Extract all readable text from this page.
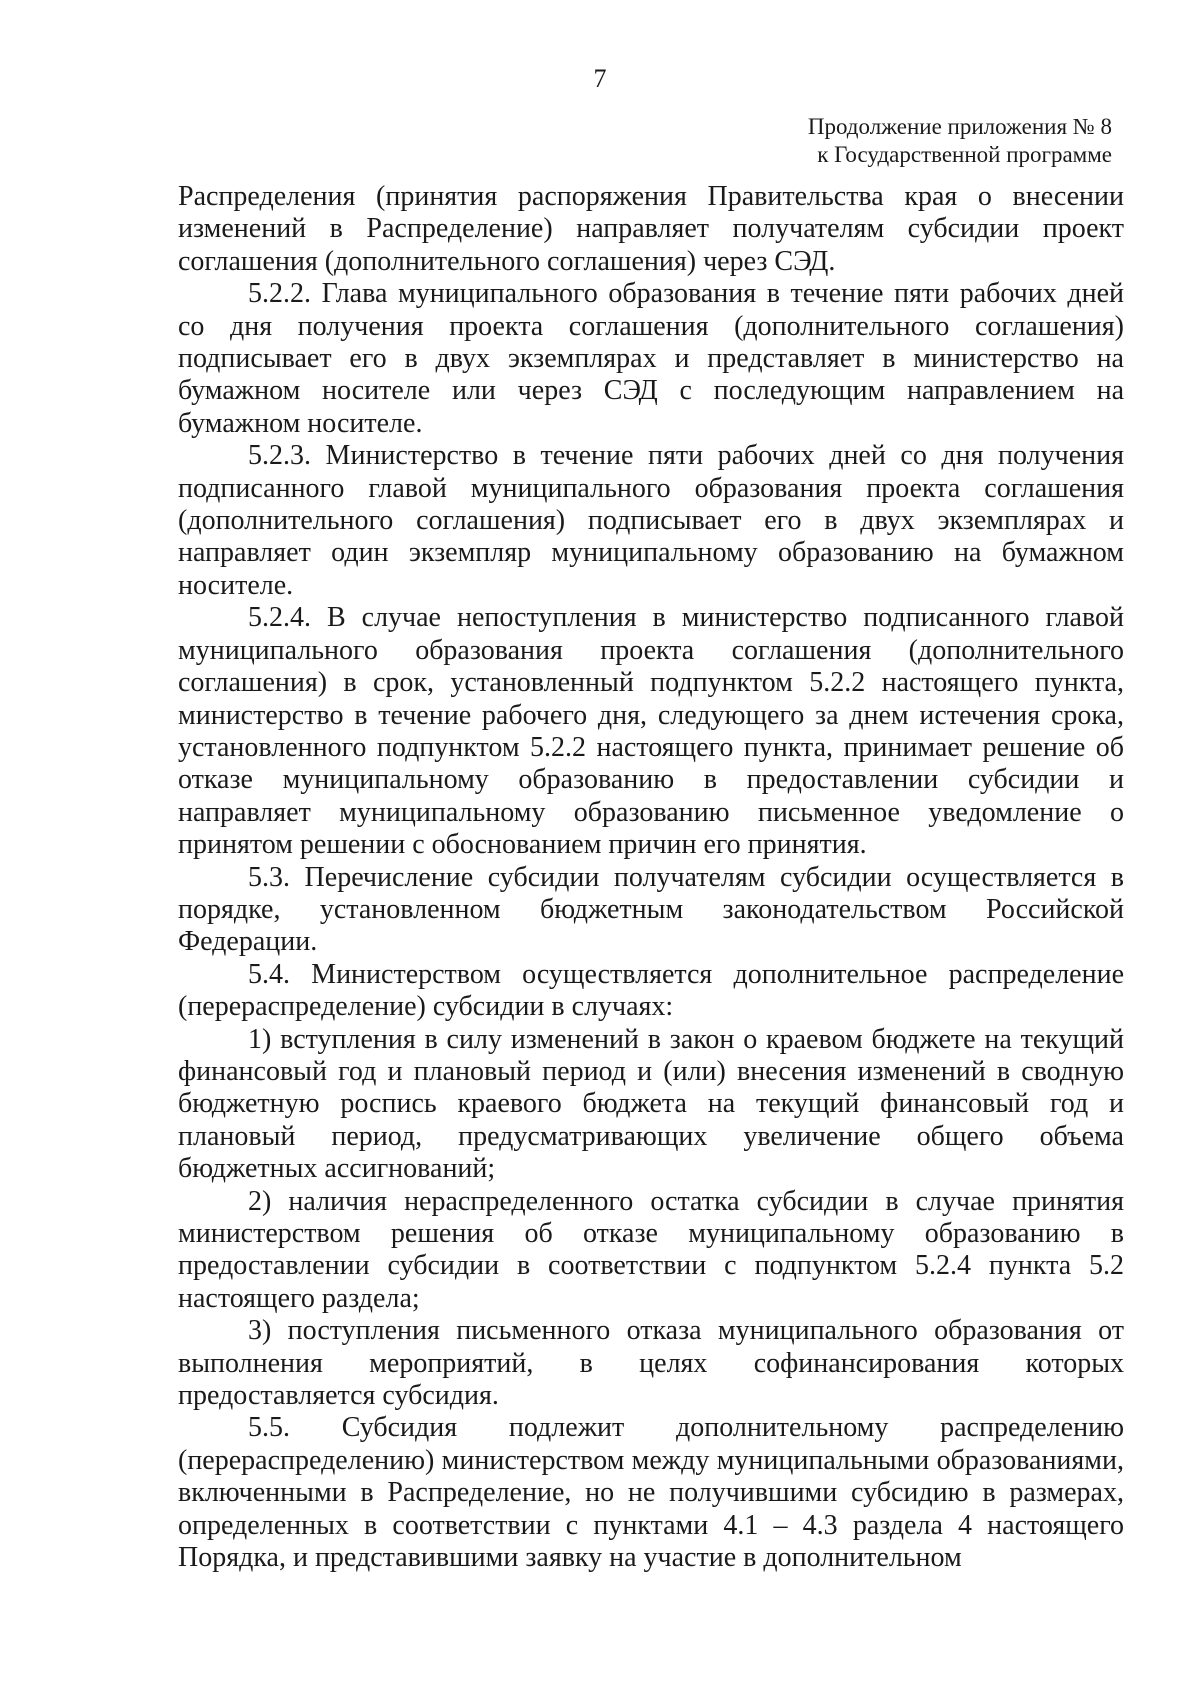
7
Продолжение приложения № 8
к Государственной программе

Распределения (принятия распоряжения Правительства края о внесении изменений в Распределение) направляет получателям субсидии проект соглашения (дополнительного соглашения) через СЭД.

5.2.2. Глава муниципального образования в течение пяти рабочих дней со дня получения проекта соглашения (дополнительного соглашения) подписывает его в двух экземплярах и представляет в министерство на бумажном носителе или через СЭД с последующим направлением на бумажном носителе.

5.2.3. Министерство в течение пяти рабочих дней со дня получения подписанного главой муниципального образования проекта соглашения (дополнительного соглашения) подписывает его в двух экземплярах и направляет один экземпляр муниципальному образованию на бумажном носителе.

5.2.4. В случае непоступления в министерство подписанного главой муниципального образования проекта соглашения (дополнительного соглашения) в срок, установленный подпунктом 5.2.2 настоящего пункта, министерство в течение рабочего дня, следующего за днем истечения срока, установленного подпунктом 5.2.2 настоящего пункта, принимает решение об отказе муниципальному образованию в предоставлении субсидии и направляет муниципальному образованию письменное уведомление о принятом решении с обоснованием причин его принятия.

5.3. Перечисление субсидии получателям субсидии осуществляется в порядке, установленном бюджетным законодательством Российской Федерации.

5.4. Министерством осуществляется дополнительное распределение (перераспределение) субсидии в случаях:

1) вступления в силу изменений в закон о краевом бюджете на текущий финансовый год и плановый период и (или) внесения изменений в сводную бюджетную роспись краевого бюджета на текущий финансовый год и плановый период, предусматривающих увеличение общего объема бюджетных ассигнований;

2) наличия нераспределенного остатка субсидии в случае принятия министерством решения об отказе муниципальному образованию в предоставлении субсидии в соответствии с подпунктом 5.2.4 пункта 5.2 настоящего раздела;

3) поступления письменного отказа муниципального образования от выполнения мероприятий, в целях софинансирования которых предоставляется субсидия.

5.5. Субсидия подлежит дополнительному распределению (перераспределению) министерством между муниципальными образованиями, включенными в Распределение, но не получившими субсидию в размерах, определенных в соответствии с пунктами 4.1 – 4.3 раздела 4 настоящего Порядка, и представившими заявку на участие в дополнительном
